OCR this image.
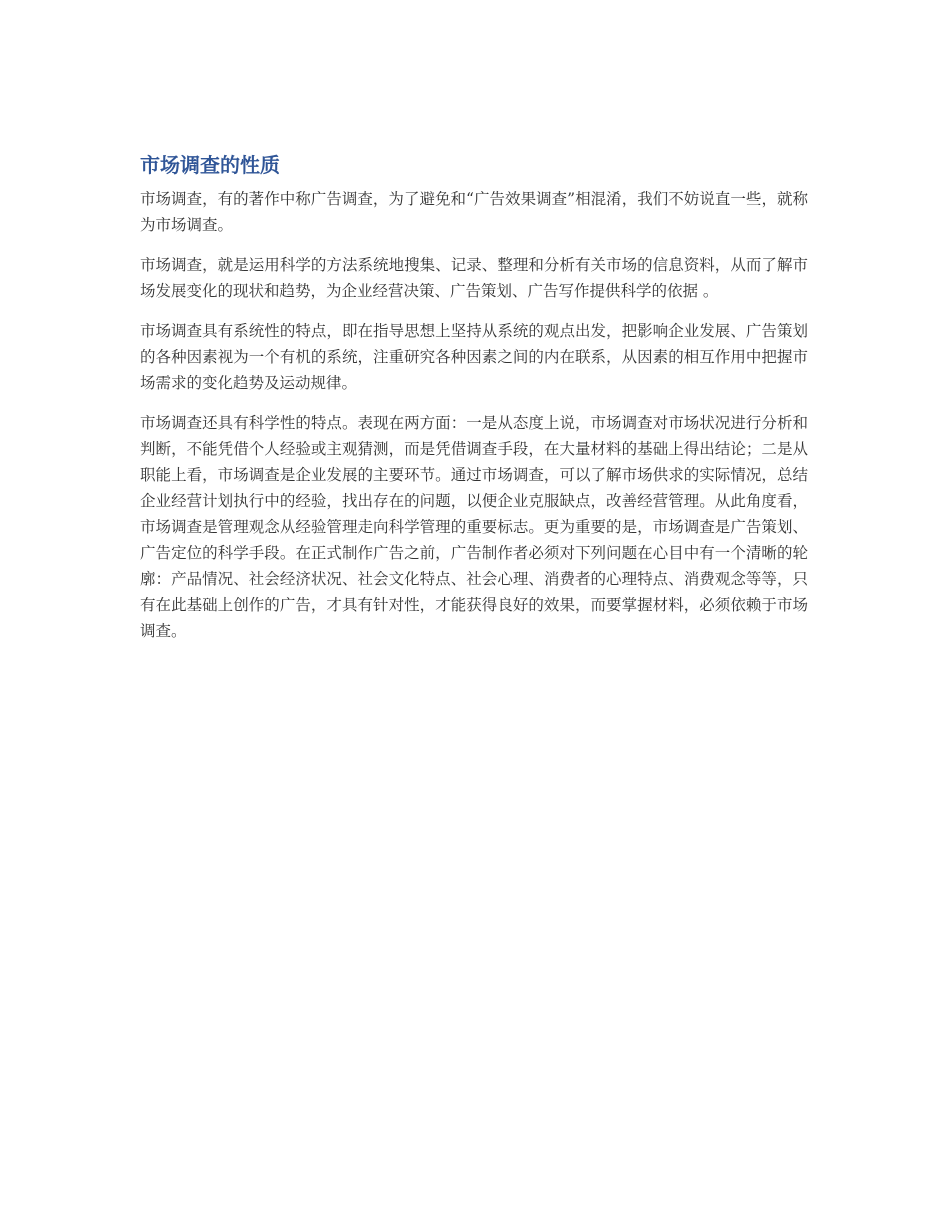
市场调查的性质

市场调查，有的著作中称广告调查，为了避免和“广告效果调查”相混淆，我们不妨说直一些，就称为市场调查。

市场调查，就是运用科学的方法系统地搜集、记录、整理和分析有关市场的信息资料，从而了解市场发展变化的现状和趋势，为企业经营决策、广告策划、广告写作提供科学的依据 。

市场调查具有系统性的特点，即在指导思想上坚持从系统的观点出发，把影响企业发展、广告策划的各种因素视为一个有机的系统，注重研究各种因素之间的内在联系，从因素的相互作用中把握市场需求的变化趋势及运动规律。

市场调查还具有科学性的特点。表现在两方面：一是从态度上说，市场调查对市场状况进行分析和判断，不能凭借个人经验或主观猜测，而是凭借调查手段，在大量材料的基础上得出结论；二是从职能上看，市场调查是企业发展的主要环节。通过市场调查，可以了解市场供求的实际情况，总结企业经营计划执行中的经验，找出存在的问题，以便企业克服缺点，改善经营管理。从此角度看，市场调查是管理观念从经验管理走向科学管理的重要标志。更为重要的是，市场调查是广告策划、广告定位的科学手段。在正式制作广告之前，广告制作者必须对下列问题在心目中有一个清晰的轮廓：产品情况、社会经济状况、社会文化特点、社会心理、消费者的心理特点、消费观念等等，只有在此基础上创作的广告，才具有针对性，才能获得良好的效果，而要掌握材料，必须依赖于市场调查。
